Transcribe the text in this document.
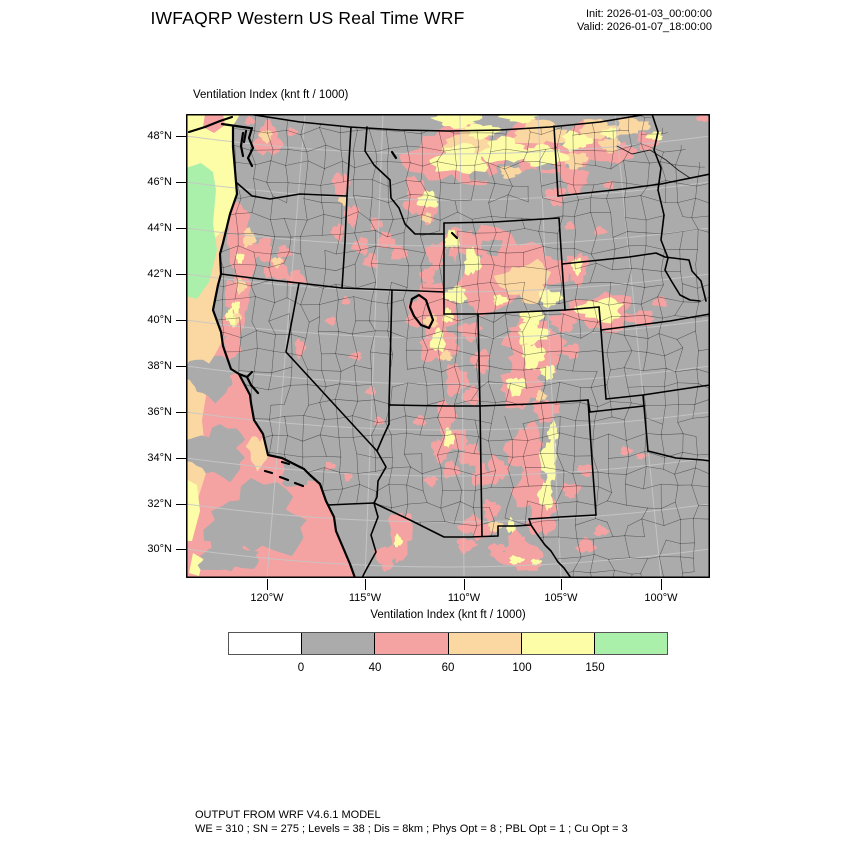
IWFAQRP Western US Real Time WRF	Init: 2026-01-03_00:00:00
Valid: 2026-01-07_18:00:00
Ventilation Index (knt ft / 1000)
48°N
46°N
44°N
42°N
40°N
38°N
36°N
34°N
32°N
30°N
120°W	115°W	110°W	105°W	100°W
Ventilation Index (knt ft / 1000)
0	40	60	100	150
OUTPUT FROM WRF V4.6.1 MODEL
WE = 310 ; SN = 275 ; Levels = 38 ; Dis = 8km ; Phys Opt = 8 ; PBL Opt = 1 ; Cu Opt = 3
